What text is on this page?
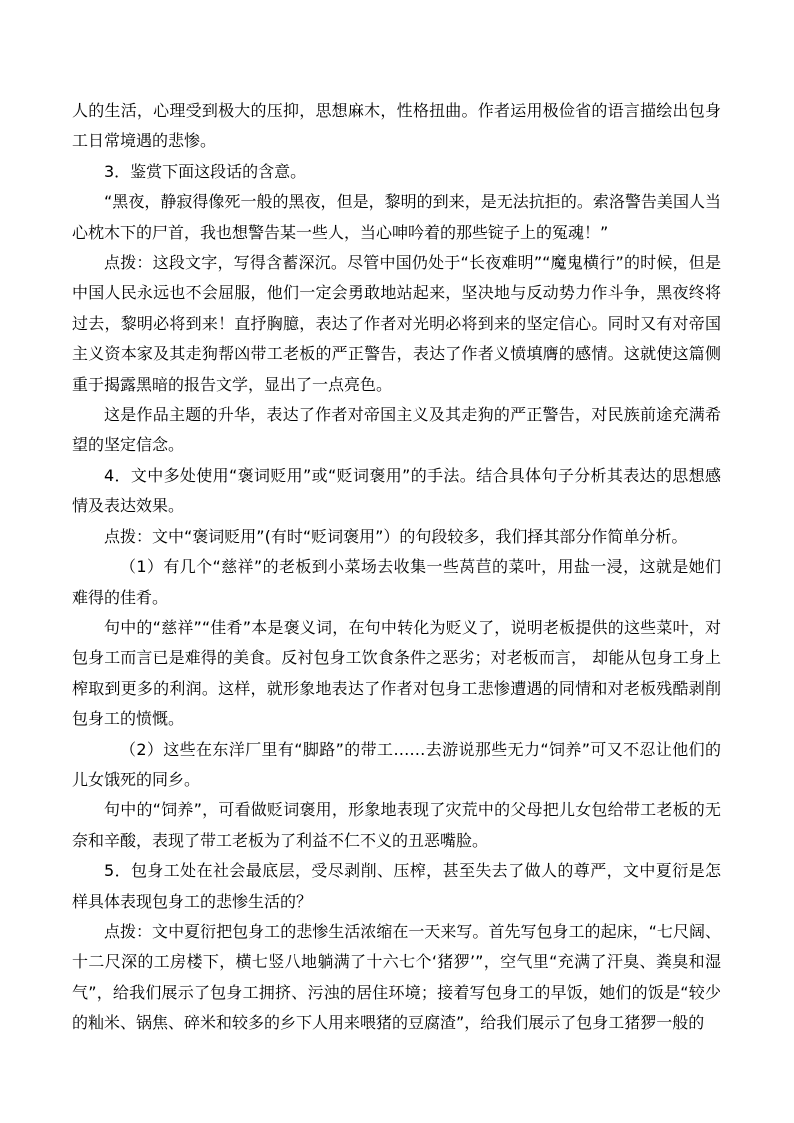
人的生活，心理受到极大的压抑，思想麻木，性格扭曲。作者运用极俭省的语言描绘出包身工日常境遇的悲惨。

3．鉴赏下面这段话的含意。

“黑夜，静寂得像死一般的黑夜，但是，黎明的到来，是无法抗拒的。索洛警告美国人当心枕木下的尸首，我也想警告某一些人，当心呻吟着的那些锭子上的冤魂！”

点拨：这段文字，写得含蓄深沉。尽管中国仍处于“长夜难明”“魔鬼横行”的时候，但是中国人民永远也不会屈服，他们一定会勇敢地站起来，坚决地与反动势力作斗争，黑夜终将过去，黎明必将到来！直抒胸臆，表达了作者对光明必将到来的坚定信心。同时又有对帝国主义资本家及其走狗帮凶带工老板的严正警告，表达了作者义愤填膺的感情。这就使这篇侧重于揭露黑暗的报告文学，显出了一点亮色。

这是作品主题的升华，表达了作者对帝国主义及其走狗的严正警告，对民族前途充满希望的坚定信念。

4．文中多处使用“褒词贬用”或“贬词褒用”的手法。结合具体句子分析其表达的思想感情及表达效果。

点拨：文中“褒词贬用”(有时“贬词褒用”）的句段较多，我们择其部分作简单分析。

（1）有几个“慈祥”的老板到小菜场去收集一些莴苣的菜叶，用盐一浸，这就是她们难得的佳肴。

句中的“慈祥”“佳肴”本是褒义词，在句中转化为贬义了，说明老板提供的这些菜叶，对包身工而言已是难得的美食。反衬包身工饮食条件之恶劣；对老板而言， 却能从包身工身上榨取到更多的利润。这样，就形象地表达了作者对包身工悲惨遭遇的同情和对老板残酷剥削包身工的愤慨。

（2）这些在东洋厂里有“脚路”的带工……去游说那些无力“饲养”可又不忍让他们的儿女饿死的同乡。

句中的“饲养”，可看做贬词褒用，形象地表现了灾荒中的父母把儿女包给带工老板的无奈和辛酸，表现了带工老板为了利益不仁不义的丑恶嘴脸。

5．包身工处在社会最底层，受尽剥削、压榨，甚至失去了做人的尊严，文中夏衍是怎样具体表现包身工的悲惨生活的？

点拨：文中夏衍把包身工的悲惨生活浓缩在一天来写。首先写包身工的起床，“七尺阔、十二尺深的工房楼下，横七竖八地躺满了十六七个‘猪猡’”，空气里“充满了汗臭、粪臭和湿气”，给我们展示了包身工拥挤、污浊的居住环境；接着写包身工的早饭，她们的饭是“较少的籼米、锅焦、碎米和较多的乡下人用来喂猪的豆腐渣”，给我们展示了包身工猪猡一般的
